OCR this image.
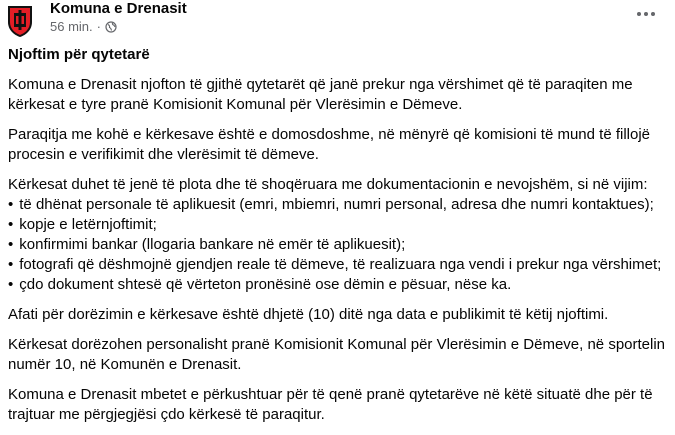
Komuna e Drenasit
56 min. ·
Njoftim për qytetarë
Komuna e Drenasit njofton të gjithë qytetarët që janë prekur nga vërshimet që të paraqiten me kërkesat e tyre pranë Komisionit Komunal për Vlerësimin e Dëmeve.
Paraqitja me kohë e kërkesave është e domosdoshme, në mënyrë që komisioni të mund të fillojë procesin e verifikimit dhe vlerësimit të dëmeve.
Kërkesat duhet të jenë të plota dhe të shoqëruara me dokumentacionin e nevojshëm, si në vijim:
• të dhënat personale të aplikuesit (emri, mbiemri, numri personal, adresa dhe numri kontaktues);
• kopje e letërnjoftimit;
• konfirmimi bankar (llogaria bankare në emër të aplikuesit);
• fotografi që dëshmojnë gjendjen reale të dëmeve, të realizuara nga vendi i prekur nga vërshimet;
• çdo dokument shtesë që vërteton pronësinë ose dëmin e pësuar, nëse ka.
Afati për dorëzimin e kërkesave është dhjetë (10) ditë nga data e publikimit të këtij njoftimi.
Kërkesat dorëzohen personalisht pranë Komisionit Komunal për Vlerësimin e Dëmeve, në sportelin numër 10, në Komunën e Drenasit.
Komuna e Drenasit mbetet e përkushtuar për të qenë pranë qytetarëve në këtë situatë dhe për të trajtuar me përgjegjësi çdo kërkesë të paraqitur.
